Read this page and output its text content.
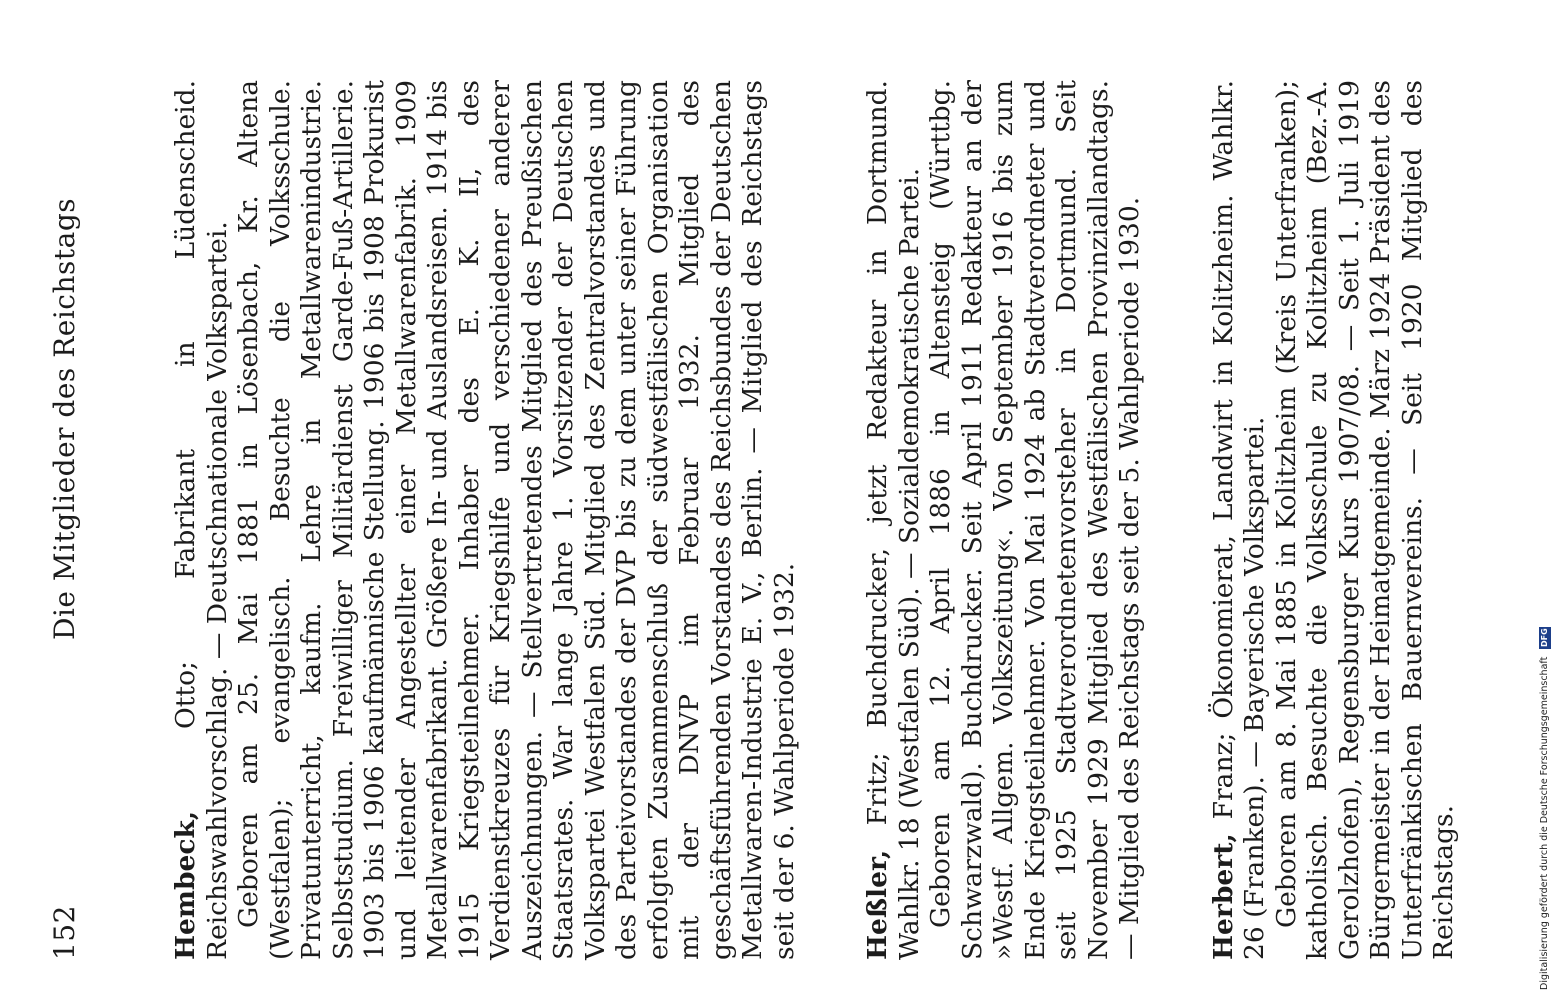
152
Die Mitglieder des Reichstags

Hembeck, Otto; Fabrikant in Lüdenscheid. Reichswahlvorschlag. — Deutschnationale Volkspartei. Geboren am 25. Mai 1881 in Lösenbach, Kr. Altena (Westfalen); evangelisch. Besuchte die Volksschule. Privatunterricht, kaufm. Lehre in Metallwarenindustrie. Selbststudium. Freiwilliger Militärdienst Garde-Fuß-Artillerie. 1903 bis 1906 kaufmännische Stellung. 1906 bis 1908 Prokurist und leitender Angestellter einer Metallwarenfabrik. 1909 Metallwarenfabrikant. Größere In- und Auslandsreisen. 1914 bis 1915 Kriegsteilnehmer. Inhaber des E. K. II, des Verdienstkreuzes für Kriegshilfe und verschiedener anderer Auszeichnungen. — Stellvertretendes Mitglied des Preußischen Staatsrates. War lange Jahre 1. Vorsitzender der Deutschen Volkspartei Westfalen Süd. Mitglied des Zentralvorstandes und des Parteivorstandes der DVP bis zu dem unter seiner Führung erfolgten Zusammenschluß der südwestfälischen Organisation mit der DNVP im Februar 1932. Mitglied des geschäftsführenden Vorstandes des Reichsbundes der Deutschen Metallwaren-Industrie E. V., Berlin. — Mitglied des Reichstags seit der 6. Wahlperiode 1932. Heßler, Fritz; Buchdrucker, jetzt Redakteur in Dortmund. Wahlkr. 18 (Westfalen Süd). — Sozialdemokratische Partei. Geboren am 12. April 1886 in Altensteig (Württbg. Schwarzwald). Buchdrucker. Seit April 1911 Redakteur an der »Westf. Allgem. Volkszeitung«. Von September 1916 bis zum Ende Kriegsteilnehmer. Von Mai 1924 ab Stadtverordneter und seit 1925 Stadtverordnetenvorsteher in Dortmund. Seit November 1929 Mitglied des Westfälischen Provinziallandtags. — Mitglied des Reichstags seit der 5. Wahlperiode 1930. Herbert, Franz; Ökonomierat, Landwirt in Kolitzheim. Wahlkr. 26 (Franken). — Bayerische Volkspartei. Geboren am 8. Mai 1885 in Kolitzheim (Kreis Unterfranken); katholisch. Besuchte die Volksschule zu Kolitzheim (Bez.-A. Gerolzhofen), Regensburger Kurs 1907/08. — Seit 1. Juli 1919 Bürgermeister in der Heimatgemeinde. März 1924 Präsident des Unterfränkischen Bauernvereins. — Seit 1920 Mitglied des Reichstags.	Digitalisierung gefördert durch die Deutsche Forschungsgemeinschaft
DFG
